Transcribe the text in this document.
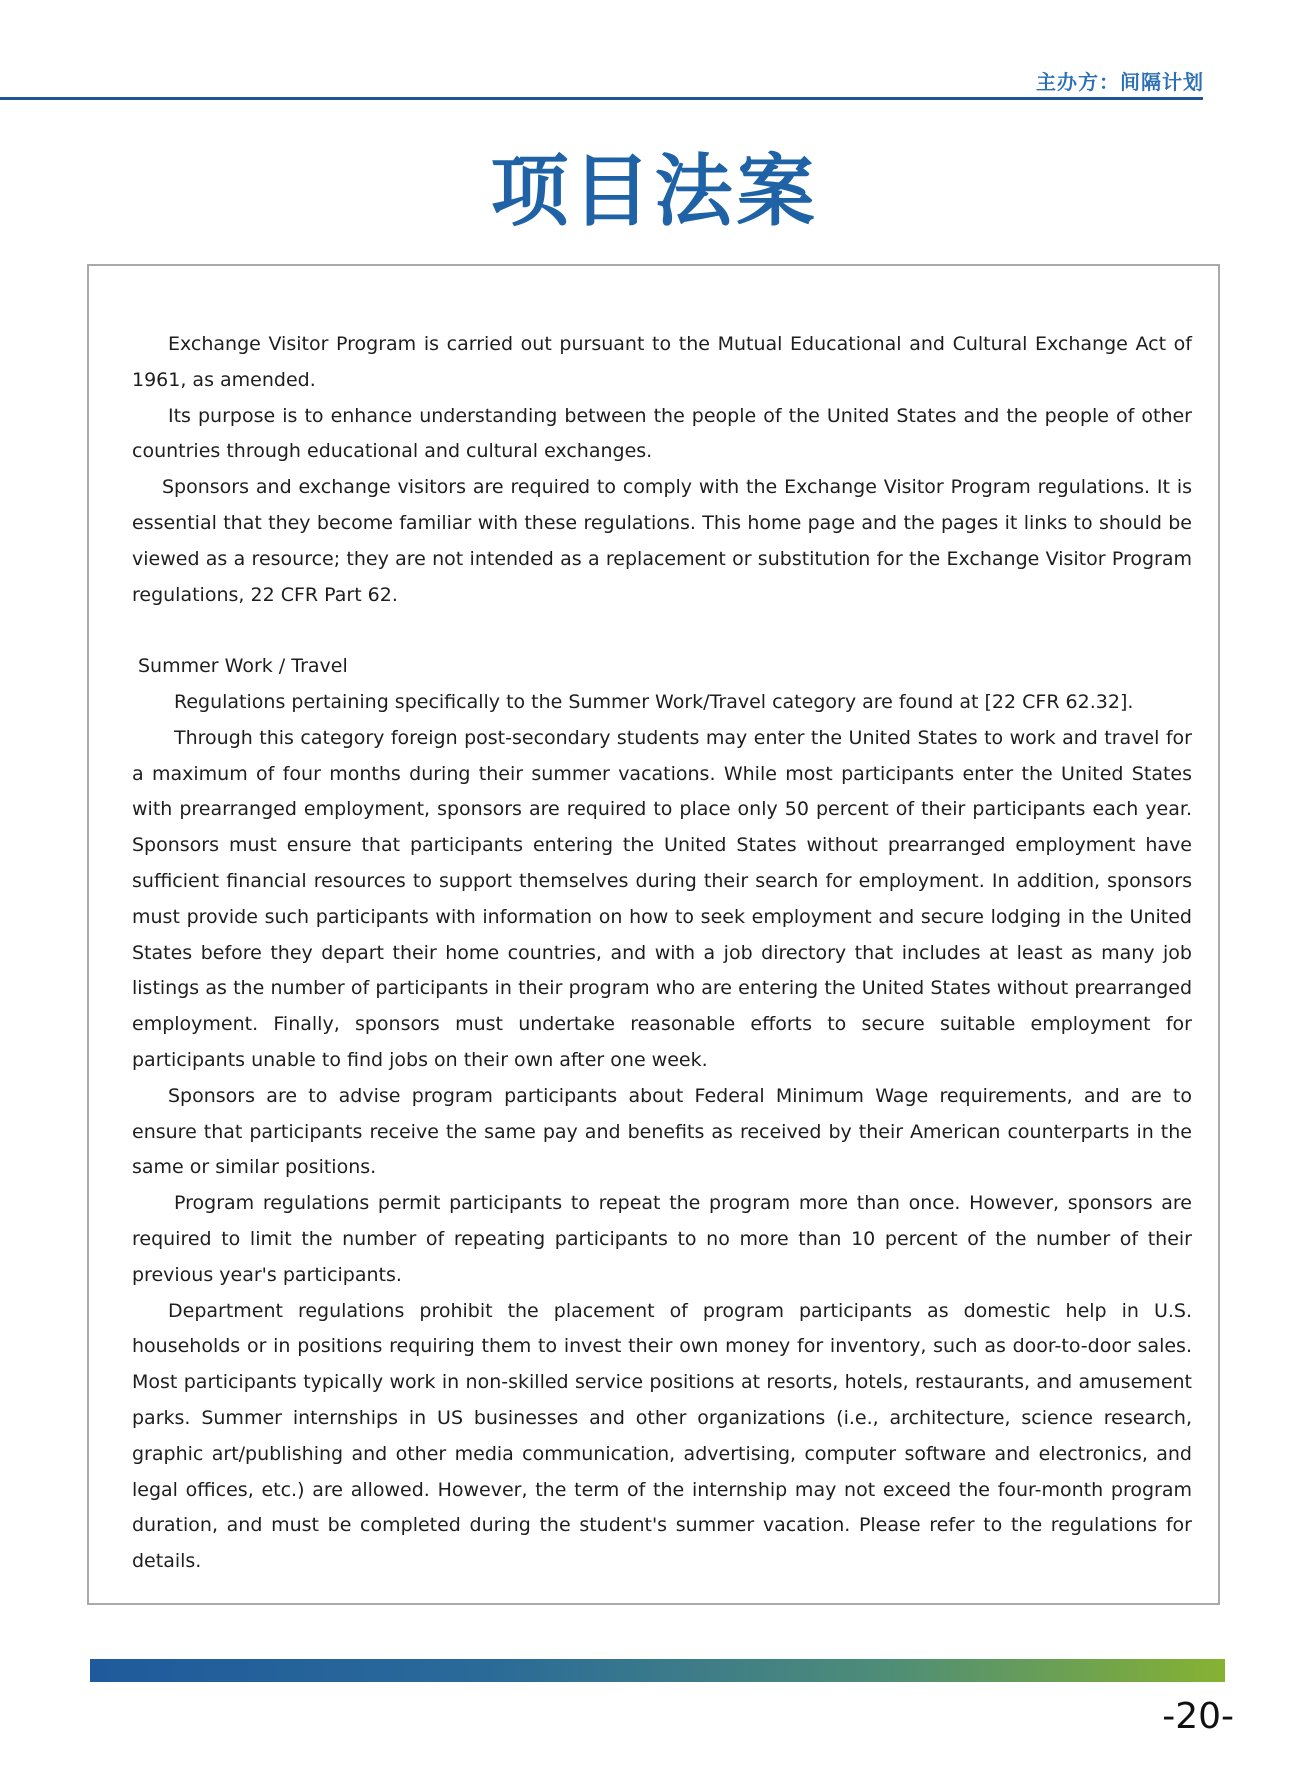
主办方：间隔计划
项目法案

Exchange Visitor Program is carried out pursuant to the Mutual Educational and Cultural Exchange Act of 1961, as amended.

Its purpose is to enhance understanding between the people of the United States and the people of other countries through educational and cultural exchanges.

Sponsors and exchange visitors are required to comply with the Exchange Visitor Program regulations. It is essential that they become familiar with these regulations. This home page and the pages it links to should be viewed as a resource; they are not intended as a replacement or substitution for the Exchange Visitor Program regulations, 22 CFR Part 62.

Summer Work / Travel

Regulations pertaining specifically to the Summer Work/Travel category are found at [22 CFR 62.32].

Through this category foreign post-secondary students may enter the United States to work and travel for a maximum of four months during their summer vacations. While most participants enter the United States with prearranged employment, sponsors are required to place only 50 percent of their participants each year. Sponsors must ensure that participants entering the United States without prearranged employment have sufficient financial resources to support themselves during their search for employment. In addition, sponsors must provide such participants with information on how to seek employment and secure lodging in the United States before they depart their home countries, and with a job directory that includes at least as many job listings as the number of participants in their program who are entering the United States without prearranged employment. Finally, sponsors must undertake reasonable efforts to secure suitable employment for participants unable to find jobs on their own after one week.

Sponsors are to advise program participants about Federal Minimum Wage requirements, and are to ensure that participants receive the same pay and benefits as received by their American counterparts in the same or similar positions.

Program regulations permit participants to repeat the program more than once. However, sponsors are required to limit the number of repeating participants to no more than 10 percent of the number of their previous year's participants.

Department regulations prohibit the placement of program participants as domestic help in U.S. households or in positions requiring them to invest their own money for inventory, such as door-to-door sales. Most participants typically work in non-skilled service positions at resorts, hotels, restaurants, and amusement parks. Summer internships in US businesses and other organizations (i.e., architecture, science research, graphic art/publishing and other media communication, advertising, computer software and electronics, and legal offices, etc.) are allowed. However, the term of the internship may not exceed the four-month program duration, and must be completed during the student's summer vacation. Please refer to the regulations for details.

-20-
